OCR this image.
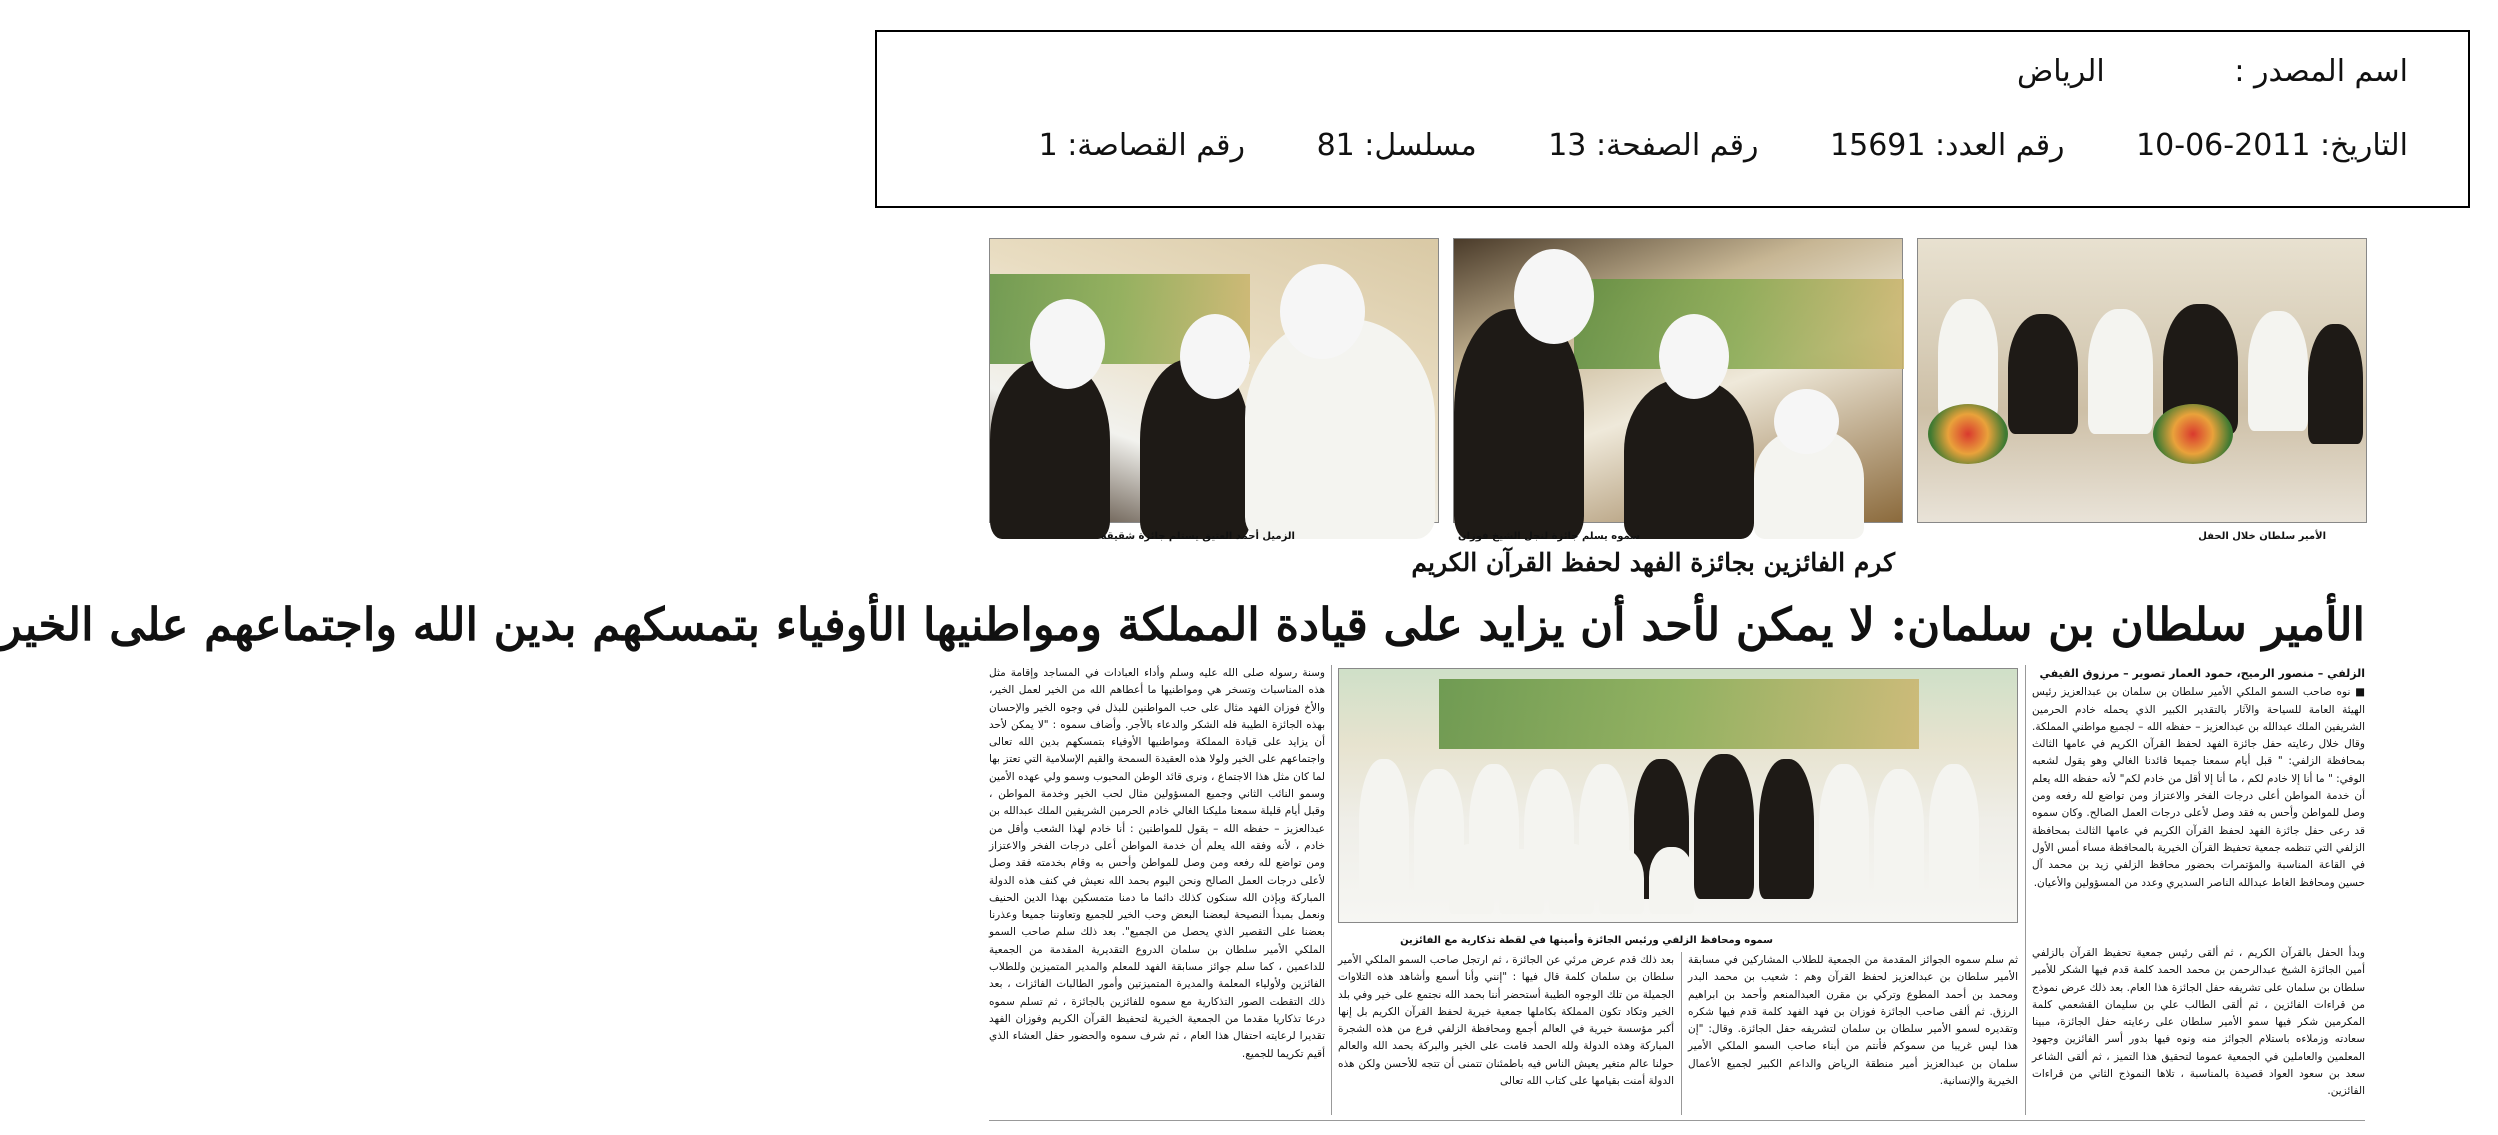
اسم المصدر : الرياض
التاريخ: 2011-06-10 رقم العدد: 15691 رقم الصفحة: 13 مسلسل: 81 رقم القصاصة: 1
الأمير سلطان خلال الحفل
سموه يسلم جائزة لنجل الشيخ فوزان
الزميل أحمد العتيق يستلم جائزة شقيقه
كرم الفائزين بجائزة الفهد لحفظ القرآن الكريم
الأمير سلطان بن سلمان: لا يمكن لأحد أن يزايد على قيادة المملكة ومواطنيها الأوفياء بتمسكهم بدين الله واجتماعهم على الخير
الزلفي – منصور الرميح، حمود العمار تصوير – مرزوق الفيفي
■ نوه صاحب السمو الملكي الأمير سلطان بن سلمان بن عبدالعزيز رئيس الهيئة العامة للسياحة والآثار بالتقدير الكبير الذي يحمله خادم الحرمين الشريفين الملك عبدالله بن عبدالعزيز – حفظه الله – لجميع مواطني المملكة. وقال خلال رعايته حفل جائزة الفهد لحفظ القرآن الكريم في عامها الثالث بمحافظة الزلفي: " قبل أيام سمعنا جميعا قائدنا الغالي وهو يقول لشعبه الوفي: " ما أنا إلا خادم لكم ، ما أنا إلا أقل من خادم لكم" لأنه حفظه الله يعلم أن خدمة المواطن أعلى درجات الفخر والاعتزاز ومن تواضع لله رفعه ومن وصل للمواطن وأحس به فقد وصل لأعلى درجات العمل الصالح. وكان سموه قد رعى حفل جائزة الفهد لحفظ القرآن الكريم في عامها الثالث بمحافظة الزلفي التي تنظمه جمعية تحفيظ القرآن الخيرية بالمحافظة مساء أمس الأول في القاعة المناسبة والمؤتمرات بحضور محافظ الزلفي زيد بن محمد آل حسين ومحافظ الغاط عبدالله الناصر السديري وعدد من المسؤولين والأعيان.
سموه ومحافظ الزلفي ورئيس الجائزة وأمينها في لقطة تذكارية مع الفائزين
وسنة رسوله صلى الله عليه وسلم وأداء العبادات في المساجد وإقامة مثل هذه المناسبات وتسخر هي ومواطنيها ما أعطاهم الله من الخير لعمل الخير، والأخ فوزان الفهد مثال على حب المواطنين للبذل في وجوه الخير والإحسان بهذه الجائزة الطيبة فله الشكر والدعاء بالأجر. وأضاف سموه : "لا يمكن لأحد أن يزايد على قيادة المملكة ومواطنيها الأوفياء بتمسكهم بدين الله تعالى واجتماعهم على الخير ولولا هذه العقيدة السمحة والقيم الإسلامية التي تعتز بها لما كان مثل هذا الاجتماع ، ونرى قائد الوطن المحبوب وسمو ولي عهده الأمين وسمو النائب الثاني وجميع المسؤولين مثال لحب الخير وخدمة المواطن ، وقبل أيام قليلة سمعنا مليكنا الغالي خادم الحرمين الشريفين الملك عبدالله بن عبدالعزيز – حفظه الله – يقول للمواطنين : أنا خادم لهذا الشعب وأقل من خادم ، لأنه وفقه الله يعلم أن خدمة المواطن أعلى درجات الفخر والاعتزاز ومن تواضع لله رفعه ومن وصل للمواطن وأحس به وقام بخدمته فقد وصل لأعلى درجات العمل الصالح ونحن اليوم بحمد الله نعيش في كنف هذه الدولة المباركة وبإذن الله سنكون كذلك دائما ما دمنا متمسكين بهذا الدين الحنيف ونعمل بمبدأ النصيحة لبعضنا البعض وحب الخير للجميع وتعاوننا جميعا وعذرنا بعضنا على التقصير الذي يحصل من الجميع". بعد ذلك سلم صاحب السمو الملكي الأمير سلطان بن سلمان الدروع التقديرية المقدمة من الجمعية للداعمين ، كما سلم جوائز مسابقة الفهد للمعلم والمدير المتميزين وللطلاب الفائزين ولأولياء المعلمة والمديرة المتميزتين وأمور الطالبات الفائزات ، بعد ذلك التقطت الصور التذكارية مع سموه للفائزين بالجائزة ، ثم تسلم سموه درعا تذكاريا مقدما من الجمعية الخيرية لتحفيظ القرآن الكريم وفوزان الفهد تقديرا لرعايته احتفال هذا العام ، ثم شرف سموه والحضور حفل العشاء الذي أقيم تكريما للجميع.
وبدأ الحفل بالقرآن الكريم ، ثم ألقى رئيس جمعية تحفيظ القرآن بالزلفي أمين الجائزة الشيخ عبدالرحمن بن محمد الحمد كلمة قدم فيها الشكر للأمير سلطان بن سلمان على تشريفه حفل الجائزة هذا العام. بعد ذلك عرض نموذج من قراءات الفائزين ، ثم ألقى الطالب علي بن سليمان القشعمي كلمة المكرمين شكر فيها سمو الأمير سلطان على رعايته حفل الجائزة، مبينا سعادته وزملاءه باستلام الجوائز منه ونوه فيها بدور أسر الفائزين وجهود المعلمين والعاملين في الجمعية عموما لتحقيق هذا التميز ، ثم ألقى الشاعر سعد بن سعود العواد قصيدة بالمناسبة ، تلاها النموذج الثاني من قراءات الفائزين.
ثم سلم سموه الجوائز المقدمة من الجمعية للطلاب المشاركين في مسابقة الأمير سلطان بن عبدالعزيز لحفظ القرآن وهم : شعيب بن محمد البدر ومحمد بن أحمد المطوع وتركي بن مقرن العبدالمنعم وأحمد بن ابراهيم الرزق. ثم ألقى صاحب الجائزة فوزان بن فهد الفهد كلمة قدم فيها شكره وتقديره لسمو الأمير سلطان بن سلمان لتشريفه حفل الجائزة. وقال: "إن هذا ليس غريبا من سموكم فأنتم من أبناء صاحب السمو الملكي الأمير سلمان بن عبدالعزيز أمير منطقة الرياض والداعم الكبير لجميع الأعمال الخيرية والإنسانية.
بعد ذلك قدم عرض مرئي عن الجائزة ، ثم ارتجل صاحب السمو الملكي الأمير سلطان بن سلمان كلمة قال فيها : "إنني وأنا أسمع وأشاهد هذه التلاوات الجميلة من تلك الوجوه الطيبة أستحضر أننا بحمد الله نجتمع على خير وفي بلد الخير وتكاد تكون المملكة بكاملها جمعية خيرية لحفظ القرآن الكريم بل إنها أكبر مؤسسة خيرية في العالم أجمع ومحافظة الزلفي فرع من هذه الشجرة المباركة وهذه الدولة ولله الحمد قامت على الخير والبركة بحمد الله والعالم حولنا عالم متغير يعيش الناس فيه باطمئنان تتمنى أن تتجه للأحسن ولكن هذه الدولة أمنت بقيامها على كتاب الله تعالى
